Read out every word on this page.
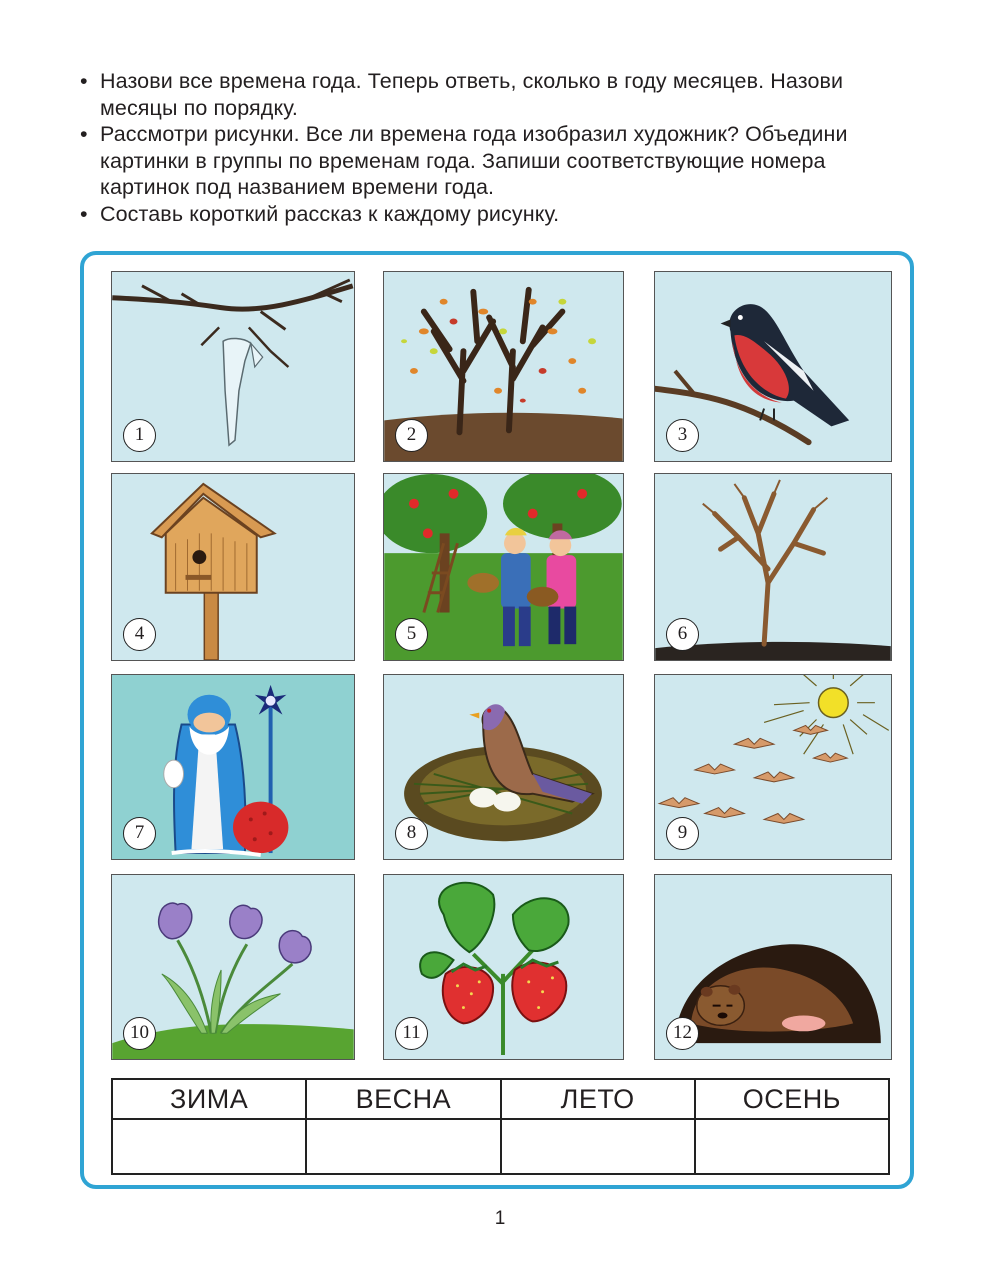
• Назови все времена года. Теперь ответь, сколько в году месяцев. Назови месяцы по порядку.
• Рассмотри рисунки. Все ли времена года изобразил художник? Объедини картинки в группы по временам года. Запиши соответствующие номера картинок под названием времени года.
• Составь короткий рассказ к каждому рисунку.
1	2	3
4	5	6
7	8	9
10	11	12
ЗИМА	ВЕСНА	ЛЕТО	ОСЕНЬ

1
